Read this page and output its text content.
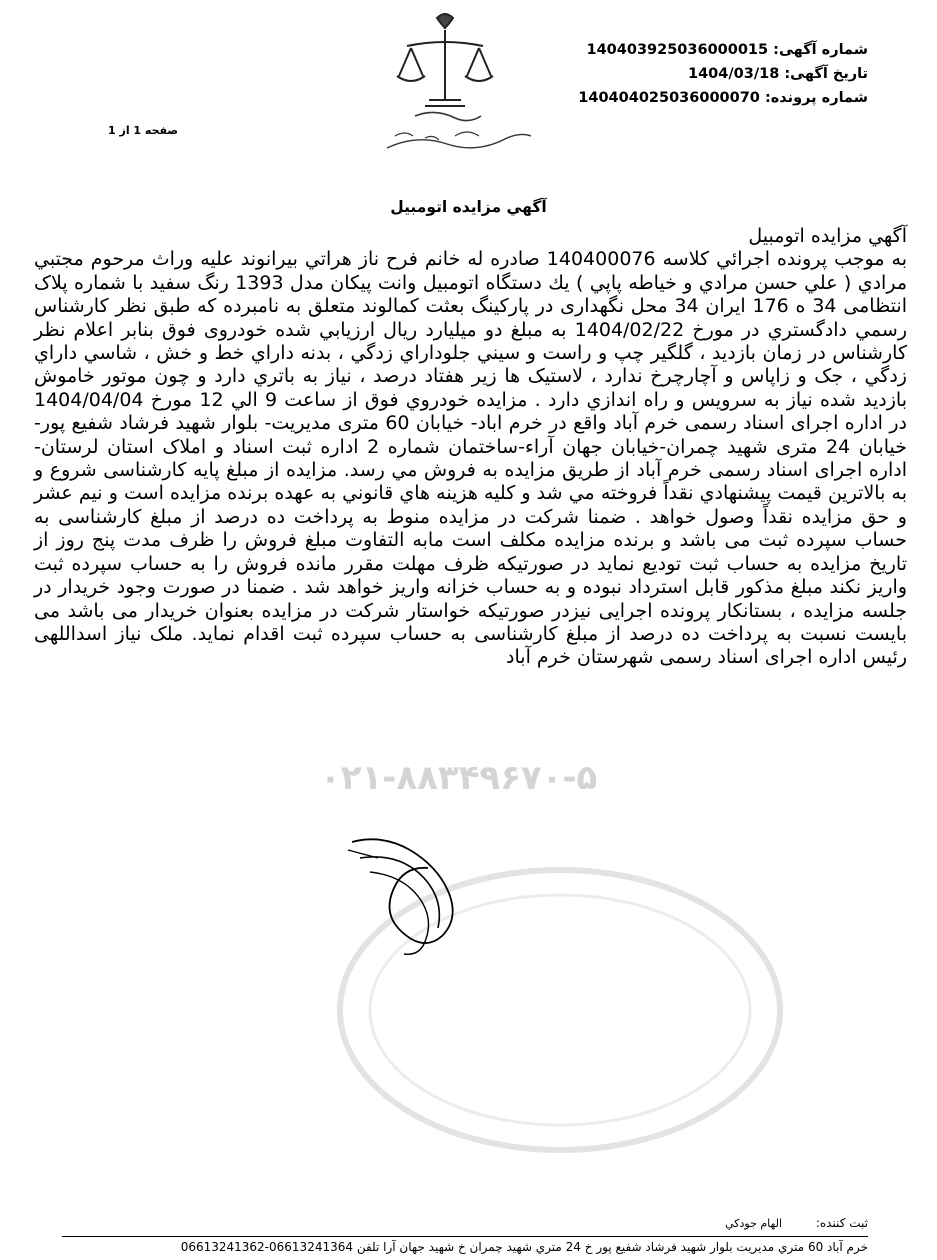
شماره آگهی: 14040392503600001‌5
تاریخ آگهی: 1404/03/18
شماره پرونده: 14040402503600007‌0
صفحه 1 از 1
آگهي مزايده اتومبيل
آگهي مزايده اتومبيل
به موجب پرونده اجرائي كلاسه 140400076 صادره له خانم فرح ناز هراتي بيرانوند عليه وراث مرحوم مجتبي مرادي ( علي حسن مرادي و خياطه پاپي ) يك دستگاه اتومبيل وانت پيكان مدل 1393 رنگ سفيد با شماره پلاک انتظامی 34 ه 176 ایران 34 محل نگهداری در پارکینگ بعثت کمالوند متعلق به نامبرده که طبق نظر كارشناس رسمي دادگستري در مورخ 1404/02/22 به مبلغ دو ميليارد ريال ارزيابي شده خودروی فوق بنابر اعلام نظر كارشناس در زمان بازديد ، گلگير چپ و راست و سيني جلوداراي زدگي ، بدنه داراي خط و خش ، شاسي داراي زدگي ، جک و زاپاس و آچارچرخ ندارد ، لاستیک ها زیر هفتاد درصد ، نیاز به باتري دارد و چون موتور خاموش بازديد شده نياز به سرويس و راه اندازي دارد . مزايده خودروي فوق از ساعت 9 الي 12 مورخ 1404/04/04 در اداره اجرای اسناد رسمی خرم آباد واقع در خرم اباد- خيابان 60 متری مديريت- بلوار شهيد فرشاد شفيع پور-خيابان 24 متری شهيد چمران-خيابان جهان آراء-ساختمان شماره 2 اداره ثبت اسناد و املاک استان لرستان-اداره اجرای اسناد رسمی خرم آباد از طريق مزايده به فروش مي رسد. مزايده از مبلغ پايه كارشناسی شروع و به بالاترين قيمت پيشنهادي نقداً فروخته مي شد و كليه هزينه هاي قانوني به عهده برنده مزايده است و نيم عشر و حق مزايده نقداً وصول خواهد . ضمنا شرکت در مزایده منوط به پرداخت ده درصد از مبلغ کارشناسی به حساب سپرده ثبت می باشد و برنده مزایده مکلف است مابه التفاوت مبلغ فروش را ظرف مدت پنج روز از تاریخ مزایده به حساب ثبت تودیع نماید در صورتیکه ظرف مهلت مقرر مانده فروش را به حساب سپرده ثبت واریز نکند مبلغ مذکور قابل استرداد نبوده و به حساب خزانه واریز خواهد شد . ضمنا در صورت وجود خریدار در جلسه مزایده ، بستانکار پرونده اجرایی نیزدر صورتیکه خواستار شرکت در مزایده بعنوان خریدار می باشد می بایست نسبت به پرداخت ده درصد از مبلغ کارشناسی به حساب سپرده ثبت اقدام نماید. ملک نیاز اسداللهی رئیس اداره اجرای اسناد رسمی شهرستان خرم آباد
۰۲۱-۸۸۳۴۹۶۷۰-۵
ثبت كننده: الهام جودكي
خرم آباد 60 متري مديريت بلوار شهيد فرشاد شفيع پور خ 24 متري شهيد چمران خ شهيد جهان آرا تلفن 06613241364-06613241362
